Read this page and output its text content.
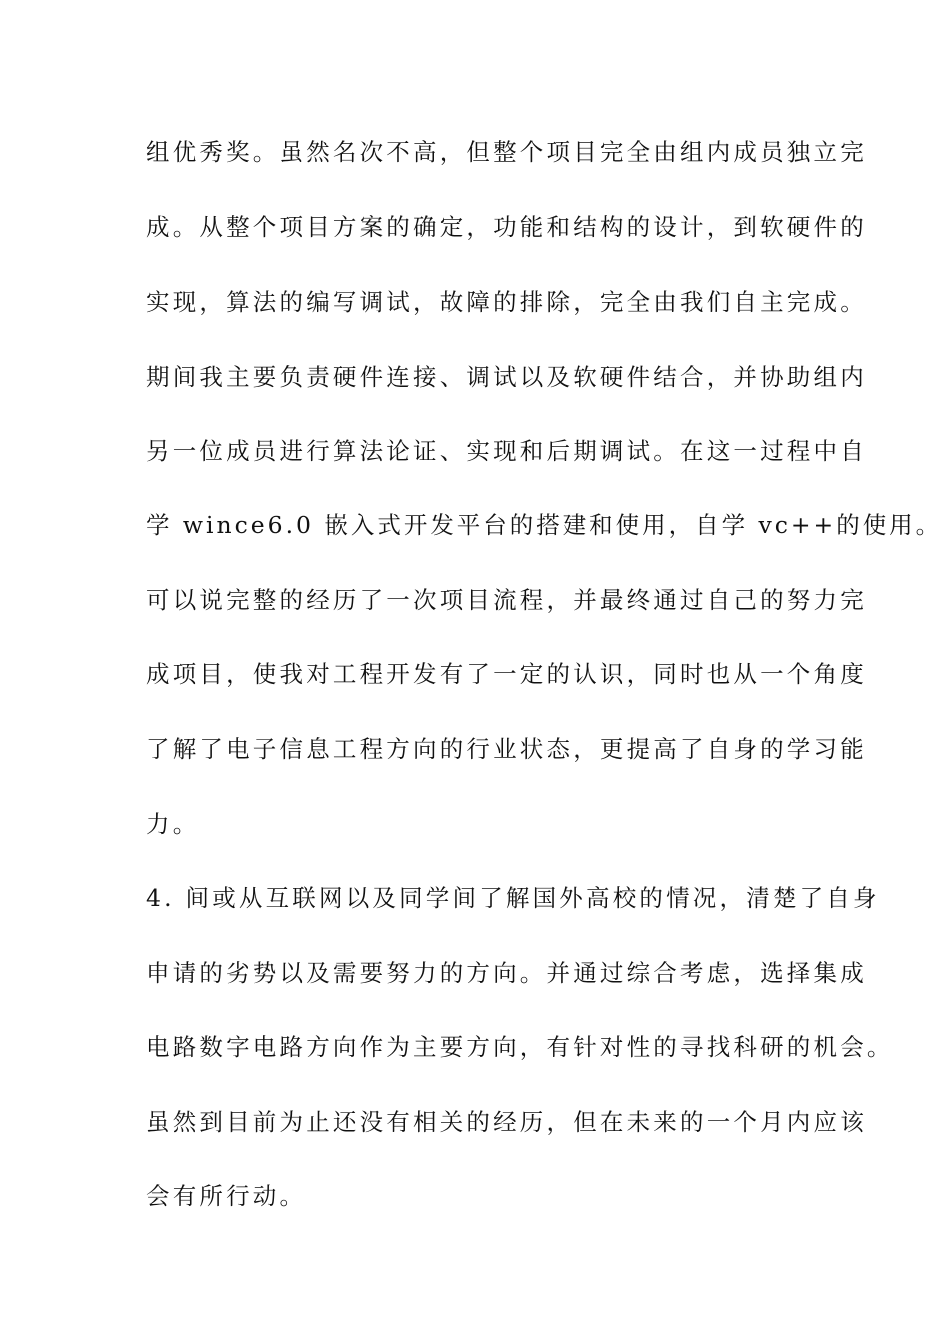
组优秀奖。虽然名次不高，但整个项目完全由组内成员独立完
成。从整个项目方案的确定，功能和结构的设计，到软硬件的
实现，算法的编写调试，故障的排除，完全由我们自主完成。
期间我主要负责硬件连接、调试以及软硬件结合，并协助组内
另一位成员进行算法论证、实现和后期调试。在这一过程中自
学 wince6.0 嵌入式开发平台的搭建和使用，自学 vc++的使用。
可以说完整的经历了一次项目流程，并最终通过自己的努力完
成项目，使我对工程开发有了一定的认识，同时也从一个角度
了解了电子信息工程方向的行业状态，更提高了自身的学习能
力。
4. 间或从互联网以及同学间了解国外高校的情况，清楚了自身
申请的劣势以及需要努力的方向。并通过综合考虑，选择集成
电路数字电路方向作为主要方向，有针对性的寻找科研的机会。
虽然到目前为止还没有相关的经历，但在未来的一个月内应该
会有所行动。
